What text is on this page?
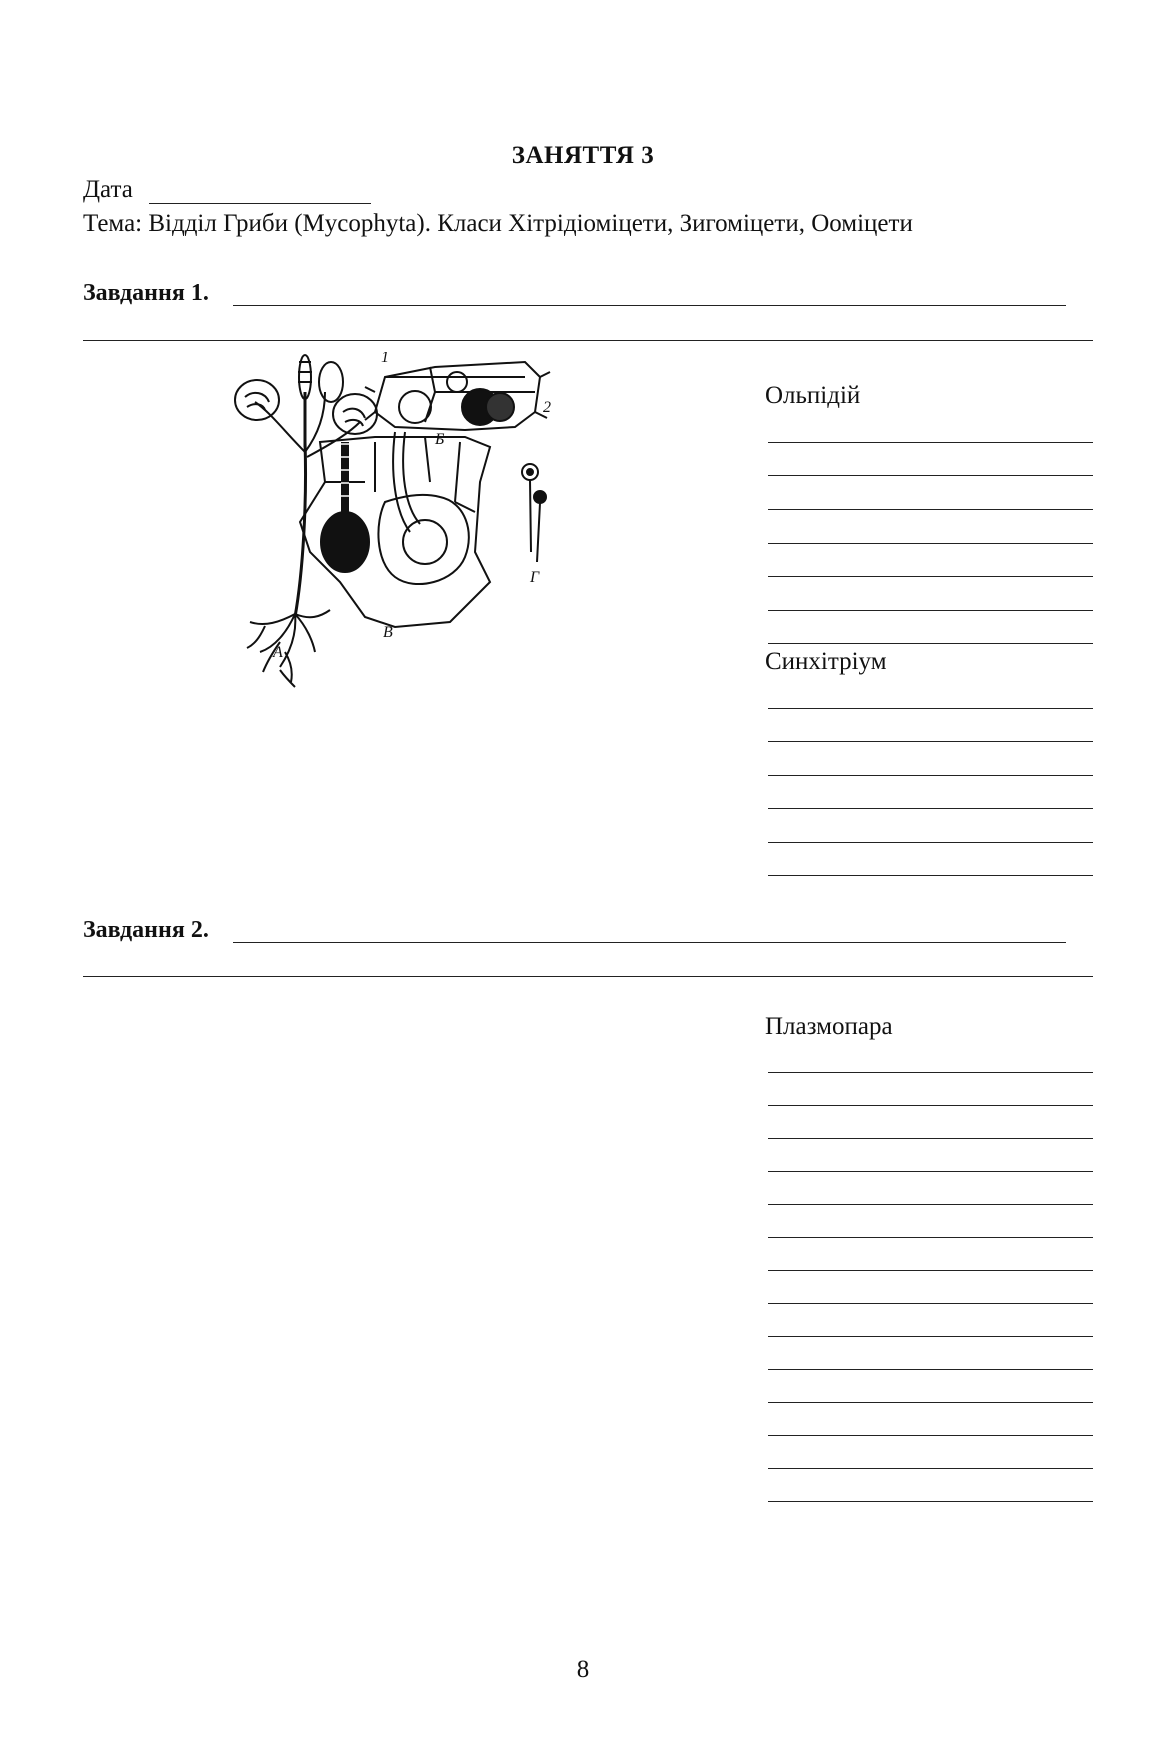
ЗАНЯТТЯ 3
Дата
Тема: Відділ Гриби (Mycophyta). Класи Хітрідіоміцети, Зигоміцети, Ооміцети
Завдання 1.
А
Б
В
Г
1
2	Ольпідій
Синхітріум
Завдання 2.
Плазмопара
8
